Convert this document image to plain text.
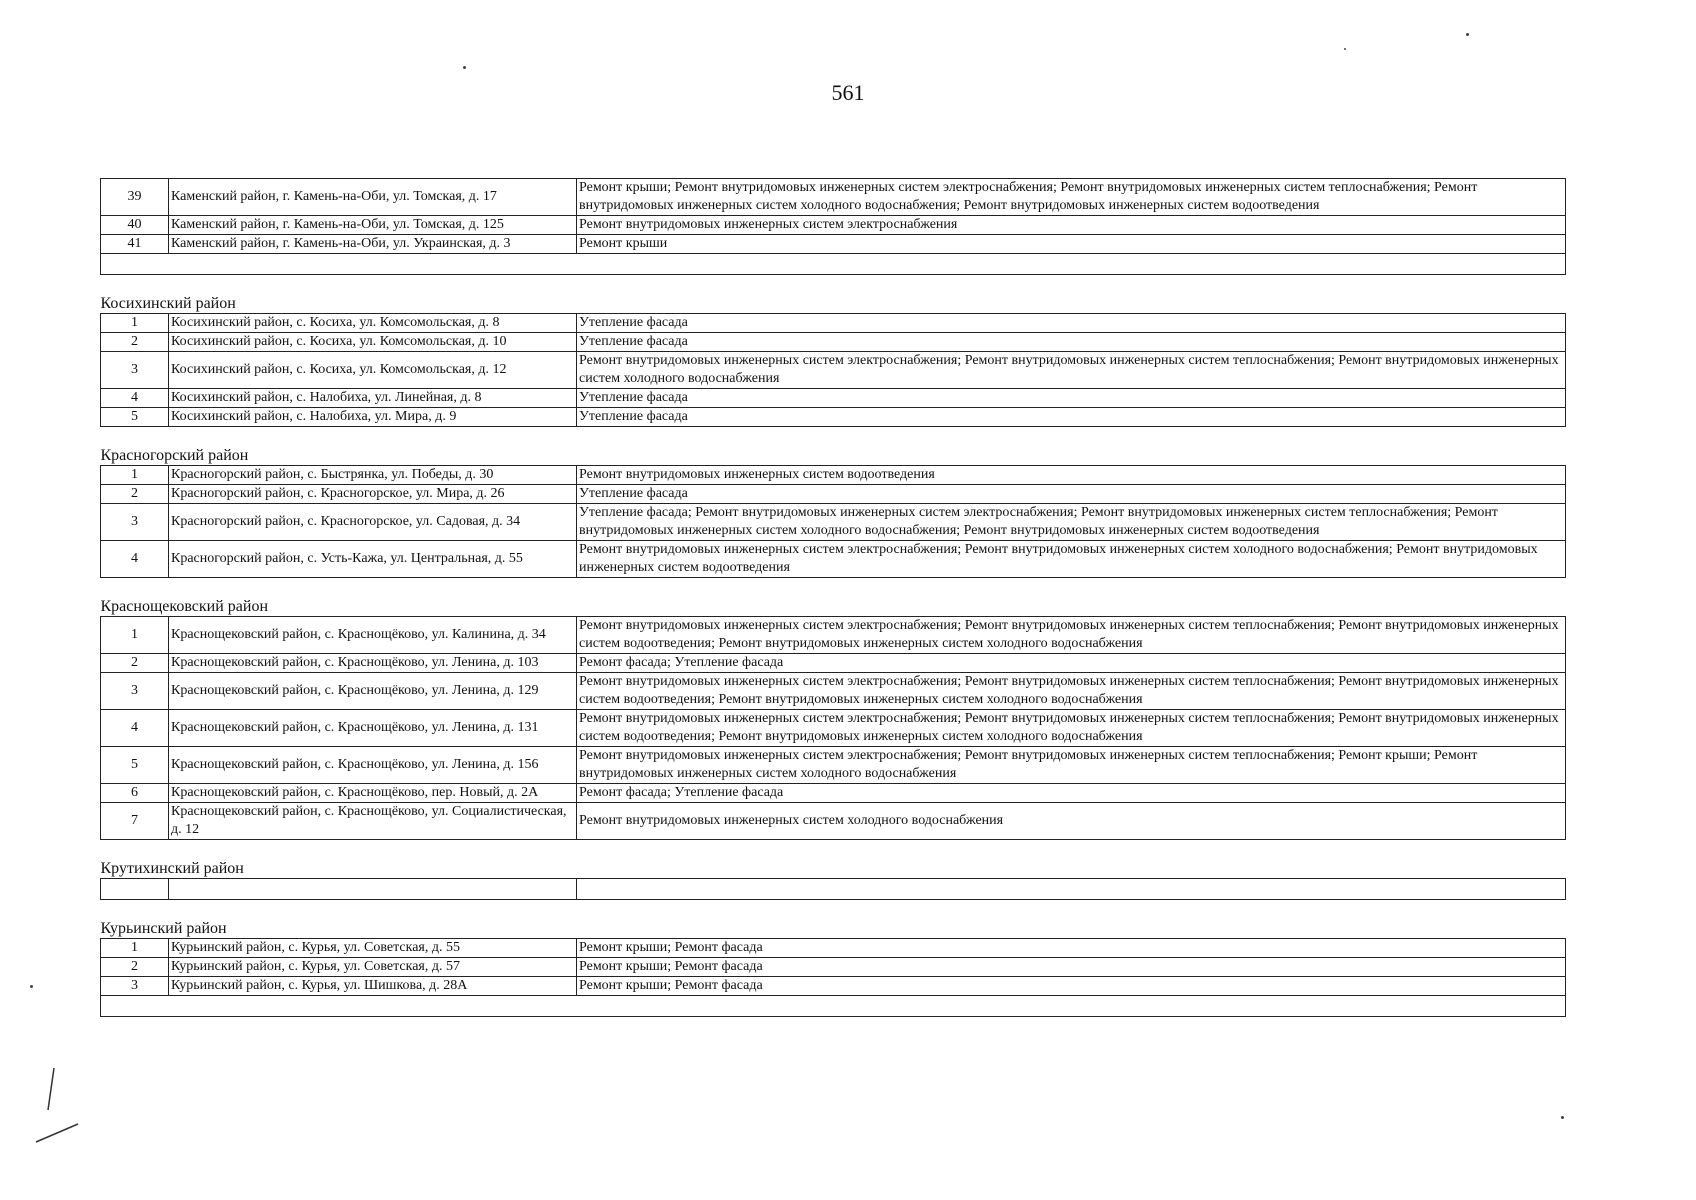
561
39	Каменский район, г. Камень-на-Оби, ул. Томская, д. 17	Ремонт крыши; Ремонт внутридомовых инженерных систем электроснабжения; Ремонт внутридомовых инженерных систем теплоснабжения; Ремонт внутридомовых инженерных систем холодного водоснабжения; Ремонт внутридомовых инженерных систем водоотведения
40	Каменский район, г. Камень-на-Оби, ул. Томская, д. 125	Ремонт внутридомовых инженерных систем электроснабжения
41	Каменский район, г. Камень-на-Оби, ул. Украинская, д. 3	Ремонт крыши

Косихинский район		

1	Косихинский район, с. Косиха, ул. Комсомольская, д. 8	Утепление фасада
2	Косихинский район, с. Косиха, ул. Комсомольская, д. 10	Утепление фасада
3	Косихинский район, с. Косиха, ул. Комсомольская, д. 12	Ремонт внутридомовых инженерных систем электроснабжения; Ремонт внутридомовых инженерных систем теплоснабжения; Ремонт внутридомовых инженерных систем холодного водоснабжения
4	Косихинский район, с. Налобиха, ул. Линейная, д. 8	Утепление фасада
5	Косихинский район, с. Налобиха, ул. Мира, д. 9	Утепление фасада

Красногорский район		

1	Красногорский район, с. Быстрянка, ул. Победы, д. 30	Ремонт внутридомовых инженерных систем водоотведения
2	Красногорский район, с. Красногорское, ул. Мира, д. 26	Утепление фасада
3	Красногорский район, с. Красногорское, ул. Садовая, д. 34	Утепление фасада; Ремонт внутридомовых инженерных систем электроснабжения; Ремонт внутридомовых инженерных систем теплоснабжения; Ремонт внутридомовых инженерных систем холодного водоснабжения; Ремонт внутридомовых инженерных систем водоотведения
4	Красногорский район, с. Усть-Кажа, ул. Центральная, д. 55	Ремонт внутридомовых инженерных систем электроснабжения; Ремонт внутридомовых инженерных систем холодного водоснабжения; Ремонт внутридомовых инженерных систем водоотведения

Краснощековский район		

1	Краснощековский район, с. Краснощёково, ул. Калинина, д. 34	Ремонт внутридомовых инженерных систем электроснабжения; Ремонт внутридомовых инженерных систем теплоснабжения; Ремонт внутридомовых инженерных систем водоотведения; Ремонт внутридомовых инженерных систем холодного водоснабжения
2	Краснощековский район, с. Краснощёково, ул. Ленина, д. 103	Ремонт фасада; Утепление фасада
3	Краснощековский район, с. Краснощёково, ул. Ленина, д. 129	Ремонт внутридомовых инженерных систем электроснабжения; Ремонт внутридомовых инженерных систем теплоснабжения; Ремонт внутридомовых инженерных систем водоотведения; Ремонт внутридомовых инженерных систем холодного водоснабжения
4	Краснощековский район, с. Краснощёково, ул. Ленина, д. 131	Ремонт внутридомовых инженерных систем электроснабжения; Ремонт внутридомовых инженерных систем теплоснабжения; Ремонт внутридомовых инженерных систем водоотведения; Ремонт внутридомовых инженерных систем холодного водоснабжения
5	Краснощековский район, с. Краснощёково, ул. Ленина, д. 156	Ремонт внутридомовых инженерных систем электроснабжения; Ремонт внутридомовых инженерных систем теплоснабжения; Ремонт крыши; Ремонт внутридомовых инженерных систем холодного водоснабжения
6	Краснощековский район, с. Краснощёково, пер. Новый, д. 2А	Ремонт фасада; Утепление фасада
7	Краснощековский район, с. Краснощёково, ул. Социалистическая, д. 12	Ремонт внутридомовых инженерных систем холодного водоснабжения

Крутихинский район		

Курьинский район		

1	Курьинский район, с. Курья, ул. Советская, д. 55	Ремонт крыши; Ремонт фасада
2	Курьинский район, с. Курья, ул. Советская, д. 57	Ремонт крыши; Ремонт фасада
3	Курьинский район, с. Курья, ул. Шишкова, д. 28А	Ремонт крыши; Ремонт фасада
